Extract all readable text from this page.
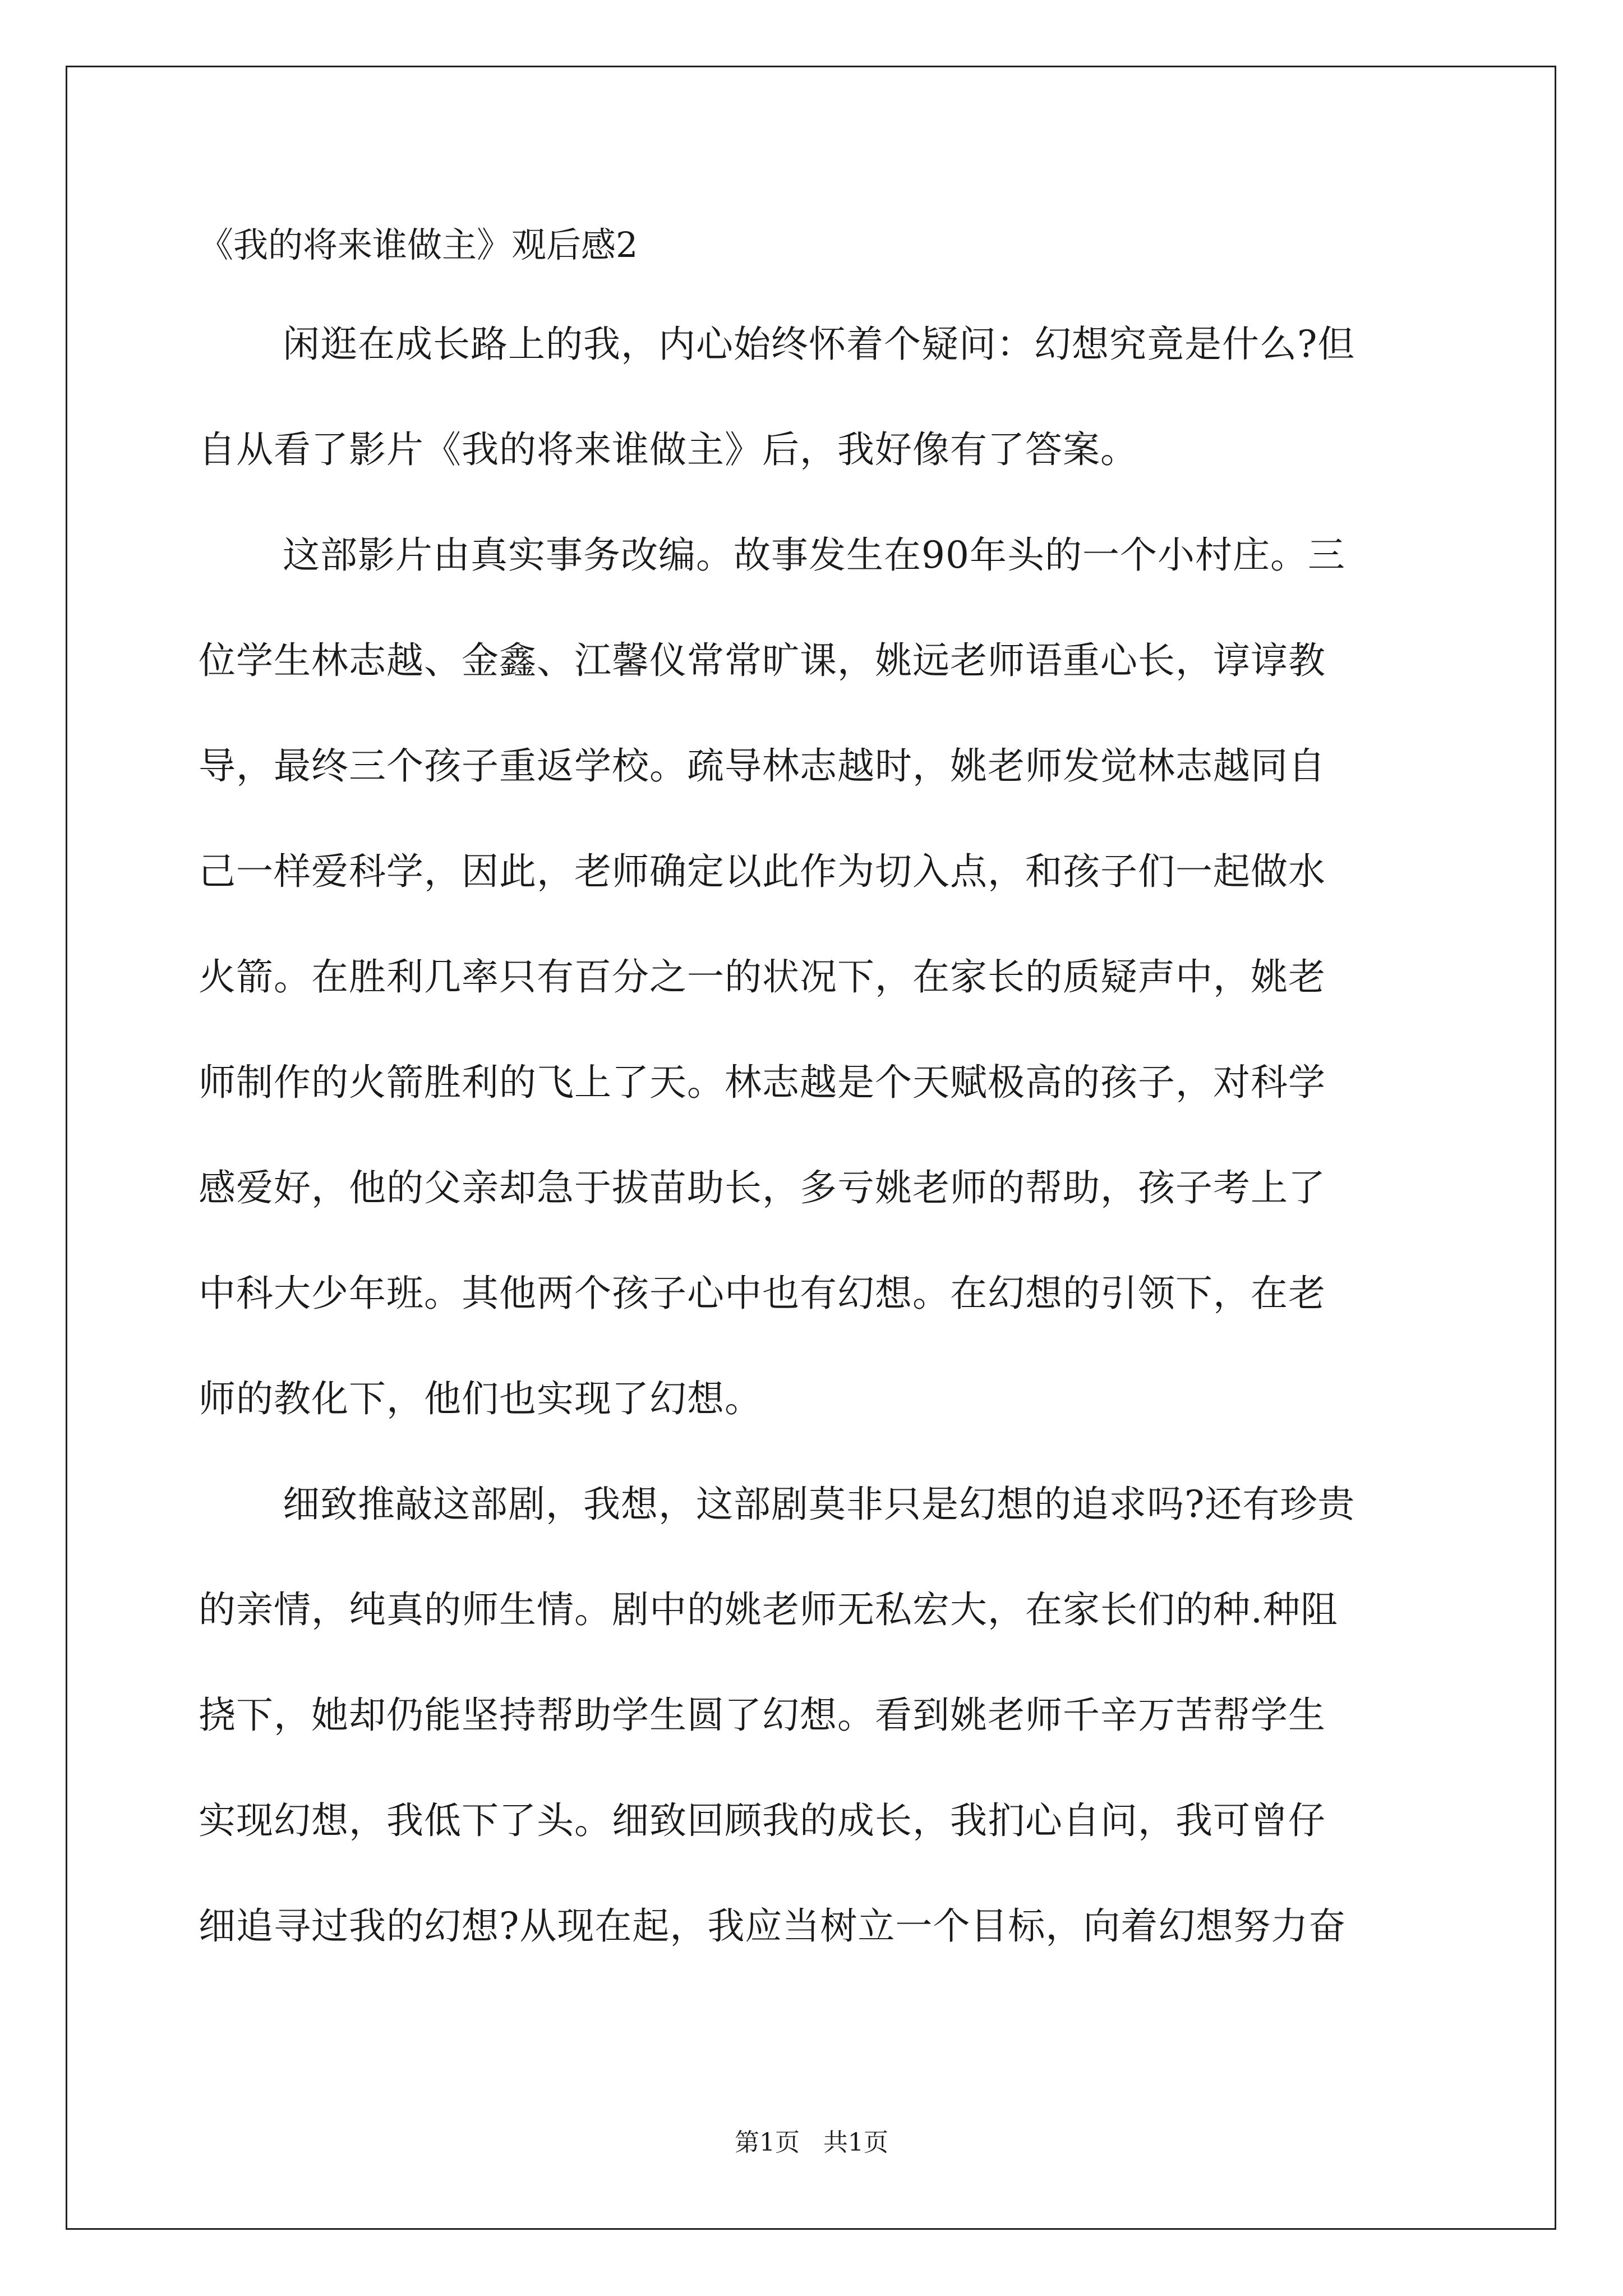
《我的将来谁做主》观后感2
闲逛在成长路上的我，内心始终怀着个疑问：幻想究竟是什么?但
自从看了影片《我的将来谁做主》后，我好像有了答案。
这部影片由真实事务改编。故事发生在90年头的一个小村庄。三
位学生林志越、金鑫、江馨仪常常旷课，姚远老师语重心长，谆谆教
导，最终三个孩子重返学校。疏导林志越时，姚老师发觉林志越同自
己一样爱科学，因此，老师确定以此作为切入点，和孩子们一起做水
火箭。在胜利几率只有百分之一的状况下，在家长的质疑声中，姚老
师制作的火箭胜利的飞上了天。林志越是个天赋极高的孩子，对科学
感爱好，他的父亲却急于拔苗助长，多亏姚老师的帮助，孩子考上了
中科大少年班。其他两个孩子心中也有幻想。在幻想的引领下，在老
师的教化下，他们也实现了幻想。
细致推敲这部剧，我想，这部剧莫非只是幻想的追求吗?还有珍贵
的亲情，纯真的师生情。剧中的姚老师无私宏大，在家长们的种.种阻
挠下，她却仍能坚持帮助学生圆了幻想。看到姚老师千辛万苦帮学生
实现幻想，我低下了头。细致回顾我的成长，我扪心自问，我可曾仔
细追寻过我的幻想?从现在起，我应当树立一个目标，向着幻想努力奋
第1页   共1页
